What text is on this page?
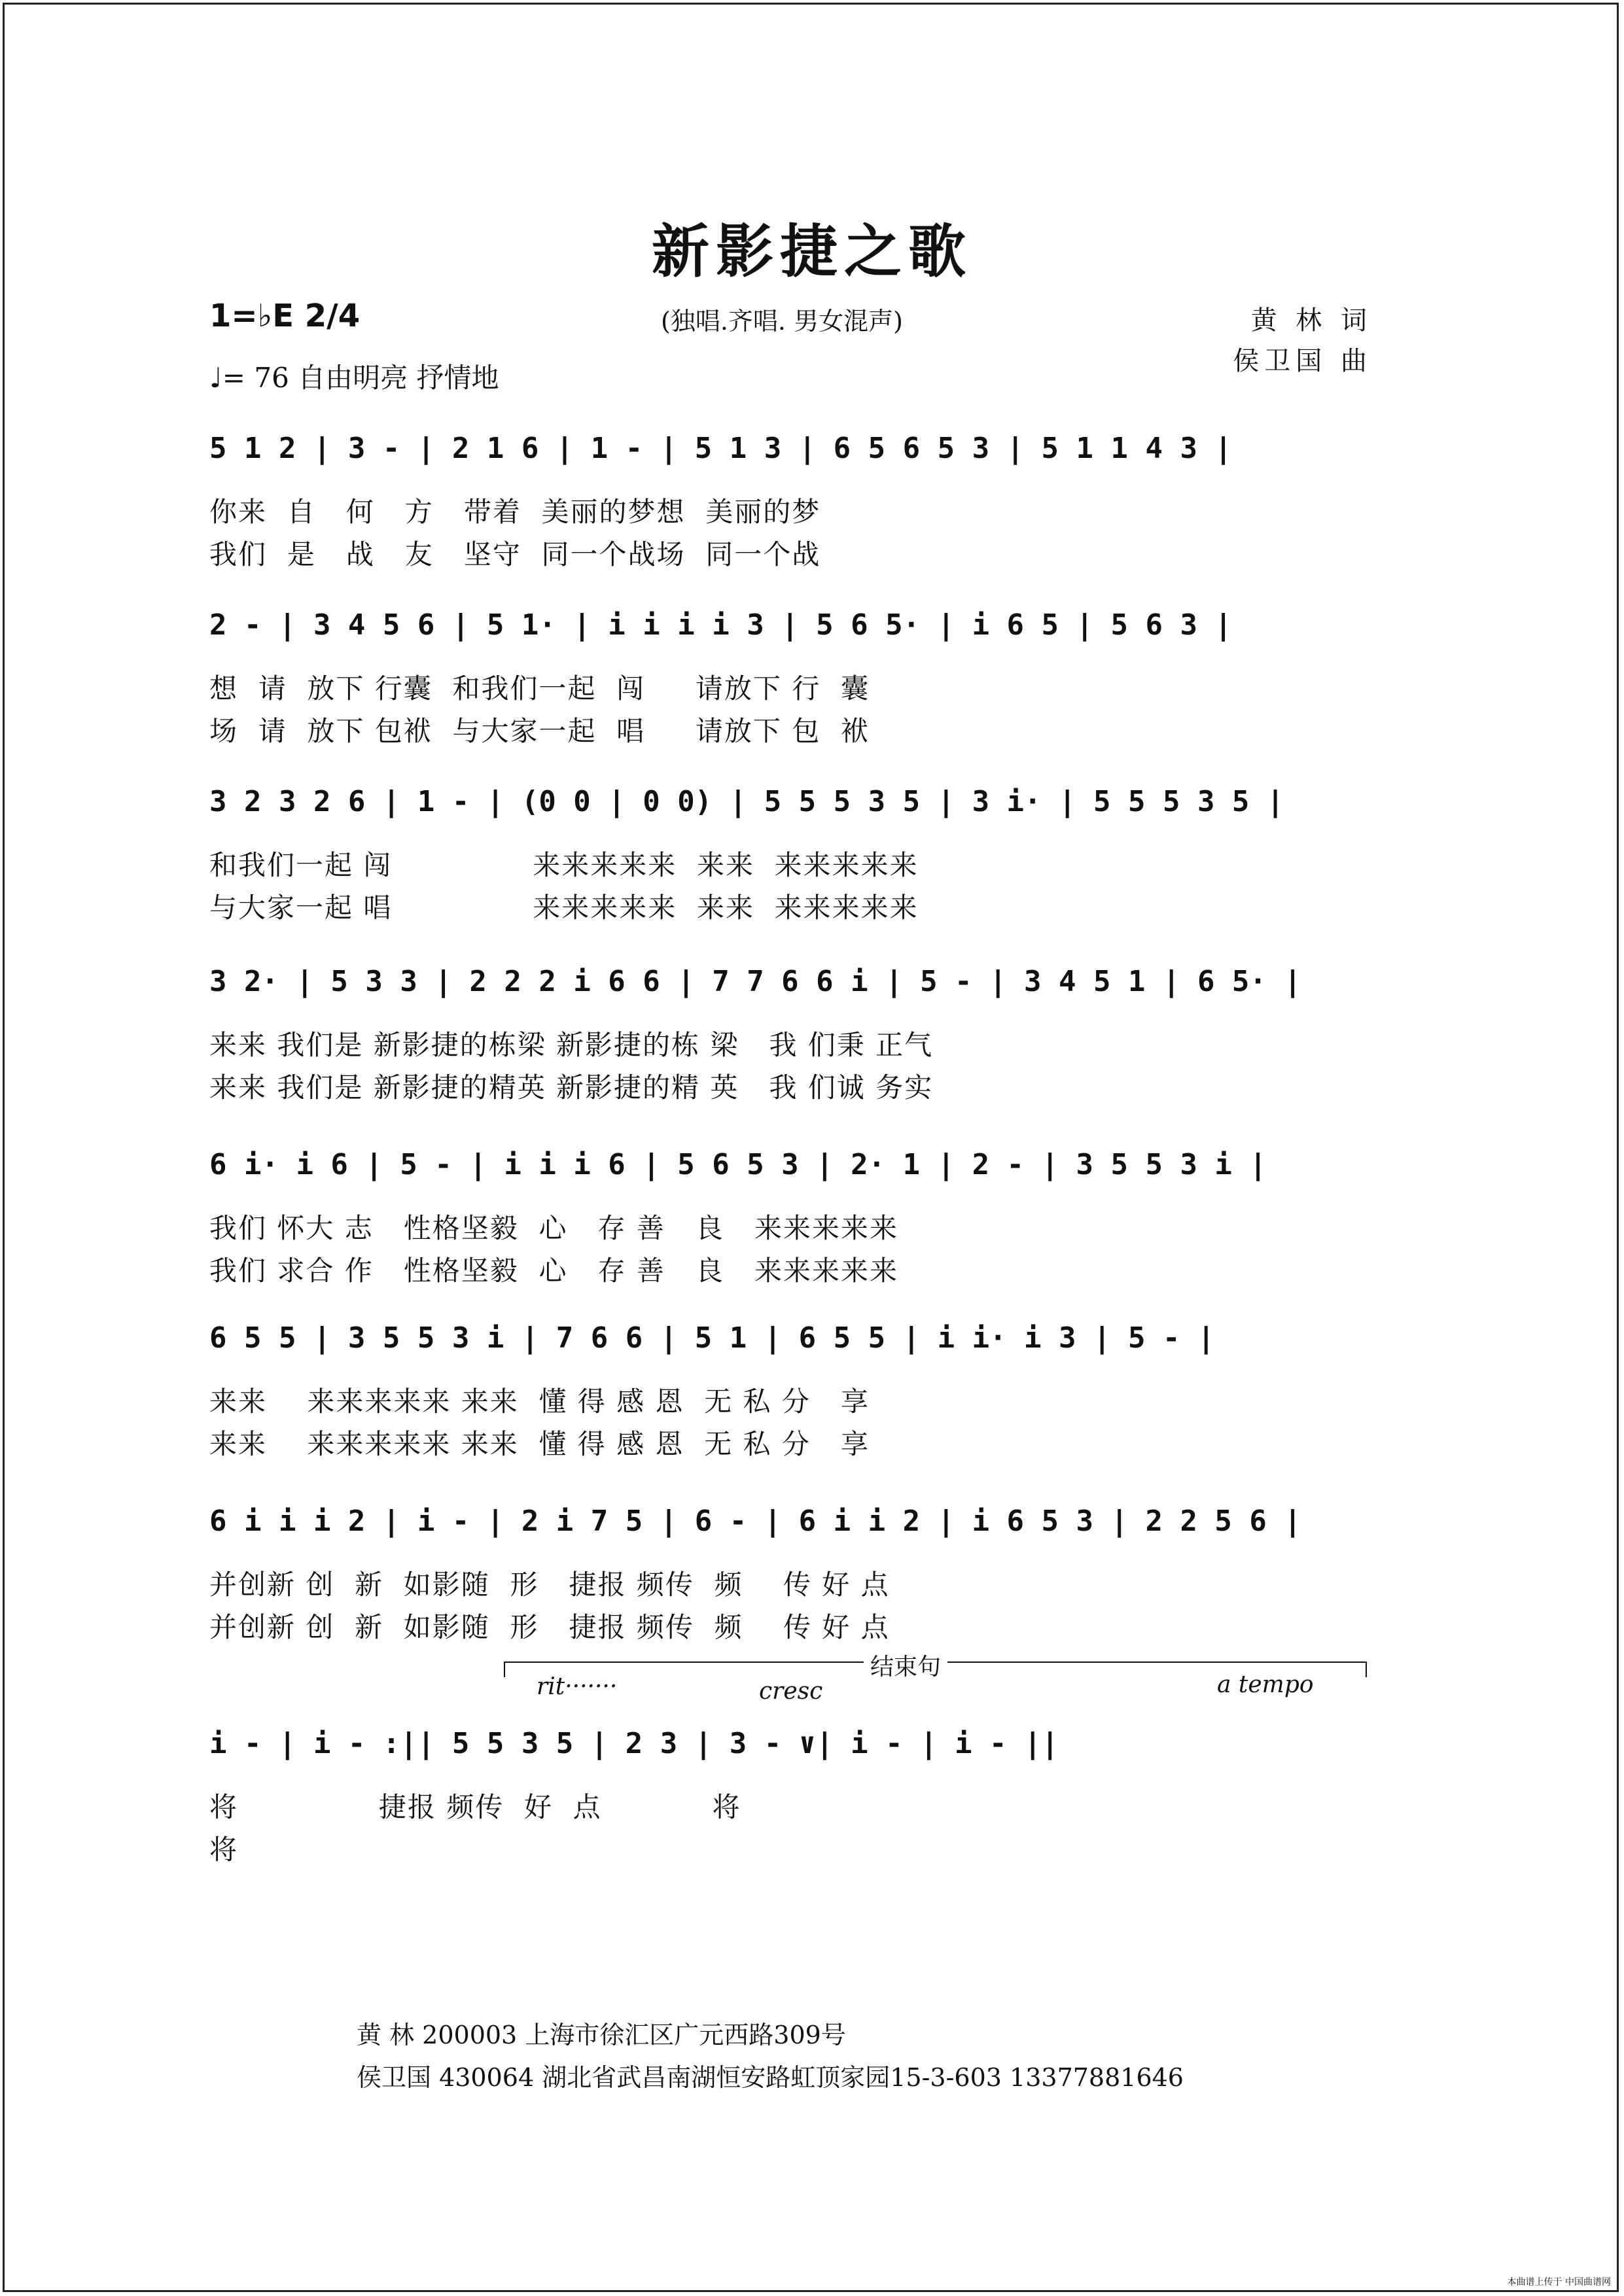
新影捷之歌
1=♭E 2/4	(独唱.齐唱. 男女混声)	黄 林 词
侯卫国 曲
♩= 76 自由明亮 抒情地
5 1 2 | 3 - | 2 1 6 | 1 - | 5 1 3 | 6 5 6 5 3 | 5 1 1 4 3 |
你来  自   何   方   带着  美丽的梦想  美丽的梦
我们  是   战   友   坚守  同一个战场  同一个战
2 - | 3 4 5 6 | 5 1· | i i i i 3 | 5 6 5· | i 6 5 | 5 6 3 |
想  请  放下 行囊  和我们一起  闯     请放下 行  囊
场  请  放下 包袱  与大家一起  唱     请放下 包  袱
3 2 3 2 6 | 1 - | (0 0 | 0 0) | 5 5 5 3 5 | 3 i· | 5 5 5 3 5 |
和我们一起 闯              来来来来来  来来  来来来来来
与大家一起 唱              来来来来来  来来  来来来来来
3 2· | 5 3 3 | 2 2 2 i 6 6 | 7 7 6 6 i | 5 - | 3 4 5 1 | 6 5· |
来来 我们是 新影捷的栋梁 新影捷的栋 梁   我 们秉 正气
来来 我们是 新影捷的精英 新影捷的精 英   我 们诚 务实
6 i· i 6 | 5 - | i i i 6 | 5 6 5 3 | 2· 1 | 2 - | 3 5 5 3 i |
我们 怀大 志   性格坚毅  心   存 善   良   来来来来来
我们 求合 作   性格坚毅  心   存 善   良   来来来来来
6 5 5 | 3 5 5 3 i | 7 6 6 | 5 1 | 6 5 5 | i i· i 3 | 5 - |
来来    来来来来来 来来  懂 得 感 恩  无 私 分   享
来来    来来来来来 来来  懂 得 感 恩  无 私 分   享
6 i i i 2 | i - | 2 i 7 5 | 6 - | 6 i i 2 | i 6 5 3 | 2 2 5 6 |
并创新 创  新  如影随  形   捷报 频传  频    传 好 点
并创新 创  新  如影随  形   捷报 频传  频    传 好 点
i - | i - :|| 5 5 3 5 | 2 3 | 3 - ∨| i - | i - ||
将              捷报 频传  好  点           将
将
结束句
rit·······	cresc	a tempo
黄 林 200003 上海市徐汇区广元西路309号
侯卫国 430064 湖北省武昌南湖恒安路虹顶家园15-3-603 13377881646
本曲谱上传于 中国曲谱网
